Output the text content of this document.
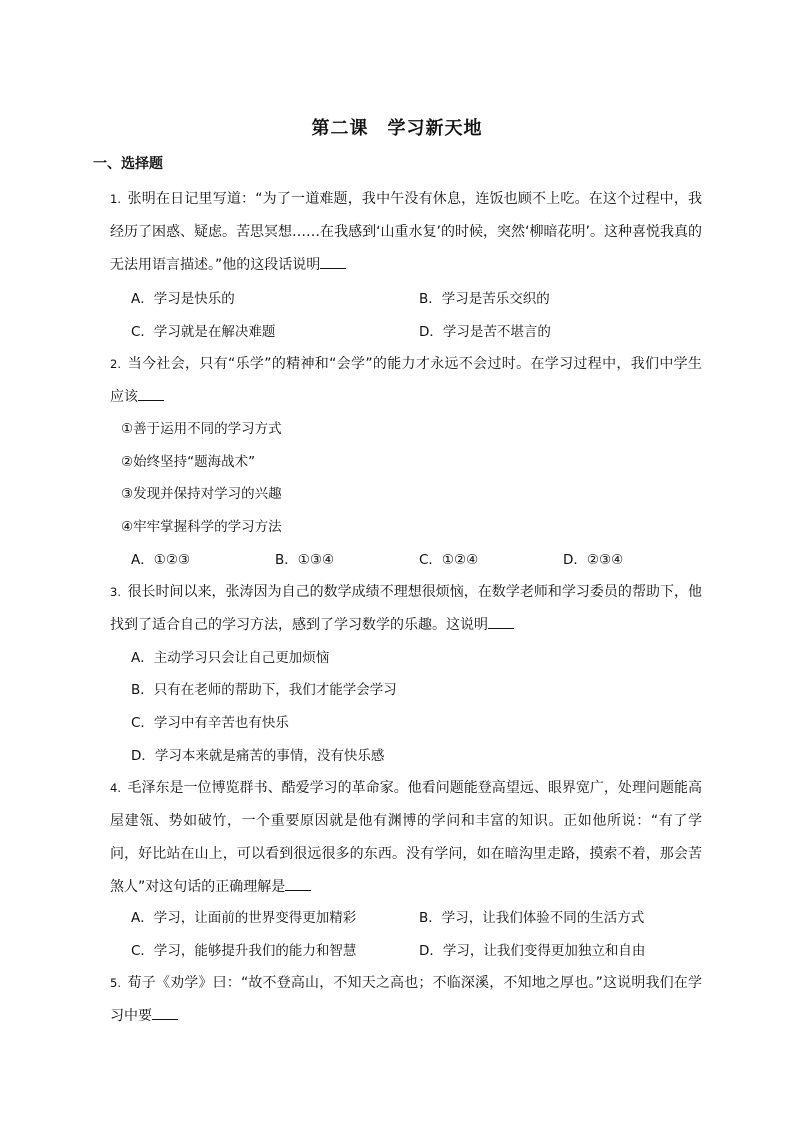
第二课　学习新天地
一、选择题
1. 张明在日记里写道：“为了一道难题，我中午没有休息，连饭也顾不上吃。在这个过程中，我经历了困惑、疑虑。苦思冥想……在我感到‘山重水复’的时候，突然‘柳暗花明’。这种喜悦我真的无法用语言描述。”他的这段话说明
A．学习是快乐的	B．学习是苦乐交织的
C．学习就是在解决难题	D．学习是苦不堪言的
2. 当今社会，只有“乐学”的精神和“会学”的能力才永远不会过时。在学习过程中，我们中学生应该
①善于运用不同的学习方式
②始终坚持“题海战术”
③发现并保持对学习的兴趣
④牢牢掌握科学的学习方法
A．①②③	B．①③④	C．①②④	D．②③④
3. 很长时间以来，张涛因为自己的数学成绩不理想很烦恼，在数学老师和学习委员的帮助下，他找到了适合自己的学习方法，感到了学习数学的乐趣。这说明
A．主动学习只会让自己更加烦恼
B．只有在老师的帮助下，我们才能学会学习
C．学习中有辛苦也有快乐
D．学习本来就是痛苦的事情，没有快乐感
4. 毛泽东是一位博览群书、酷爱学习的革命家。他看问题能登高望远、眼界宽广，处理问题能高屋建瓴、势如破竹，一个重要原因就是他有渊博的学问和丰富的知识。正如他所说：“有了学问，好比站在山上，可以看到很远很多的东西。没有学问，如在暗沟里走路，摸索不着，那会苦煞人”对这句话的正确理解是
A．学习，让面前的世界变得更加精彩	B．学习，让我们体验不同的生活方式
C．学习，能够提升我们的能力和智慧	D．学习，让我们变得更加独立和自由
5. 荀子《劝学》曰：“故不登高山，不知天之高也；不临深溪，不知地之厚也。”这说明我们在学习中要
